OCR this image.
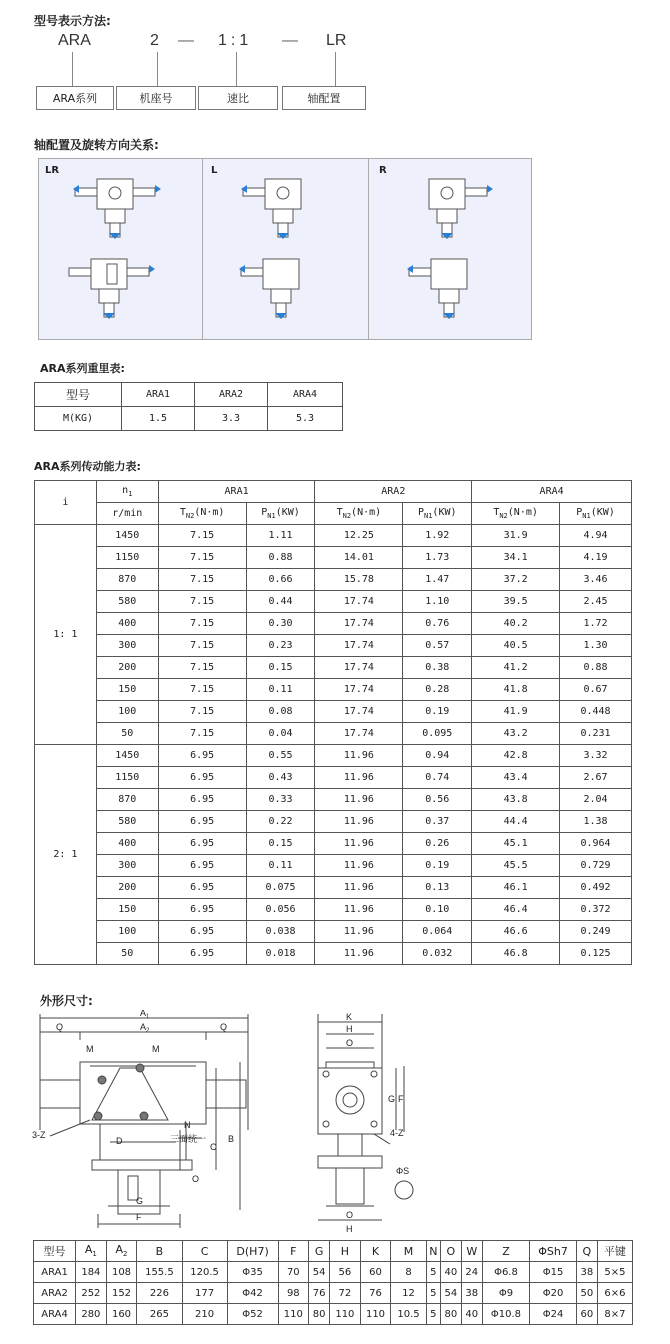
型号表示方法:
ARA	2 — 1:1 — LR
ARA系列	机座号	速比	轴配置
轴配置及旋转方向关系:
LR	L	R
ARA系列重里表:
型号	ARA1	ARA2	ARA4
M(KG)	1.5	3.3	5.3
ARA系列传动能力表:
i	$n_1$	ARA1		ARA2		ARA4	
	r/min	$T_{N2}(N\cdot m)$	$P_{N1}(KW)$	$T_{N2}(N\cdot m)$	$P_{N1}(KW)$	$T_{N2}(N\cdot m)$	$P_{N1}(KW)$
1: 1	1450	7.15	1.11	12.25	1.92	31.9	4.94
	1150	7.15	0.88	14.01	1.73	34.1	4.19
	870	7.15	0.66	15.78	1.47	37.2	3.46
	580	7.15	0.44	17.74	1.10	39.5	2.45
	400	7.15	0.30	17.74	0.76	40.2	1.72
	300	7.15	0.23	17.74	0.57	40.5	1.30
	200	7.15	0.15	17.74	0.38	41.2	0.88
	150	7.15	0.11	17.74	0.28	41.8	0.67
	100	7.15	0.08	17.74	0.19	41.9	0.448
	50	7.15	0.04	17.74	0.095	43.2	0.231
2: 1	1450	6.95	0.55	11.96	0.94	42.8	3.32
	1150	6.95	0.43	11.96	0.74	43.4	2.67
	870	6.95	0.33	11.96	0.56	43.8	2.04
	580	6.95	0.22	11.96	0.37	44.4	1.38
	400	6.95	0.15	11.96	0.26	45.1	0.964
	300	6.95	0.11	11.96	0.19	45.5	0.729
	200	6.95	0.075	11.96	0.13	46.1	0.492
	150	6.95	0.056	11.96	0.10	46.4	0.372
	100	6.95	0.038	11.96	0.064	46.6	0.249
	50	6.95	0.018	11.96	0.032	46.8	0.125
外形尺寸:
$A_1$
$A_2$
Q	Q
M	M
N
D
F
G
C
B
O
3-Z	三面统一
K
H
O
G F
4-Z
ΦS
O
H
型号	$A_1$	$A_2$	B	C	D(H7)	F	G	H	K	M	N	O	W	Z	ΦSh7	Q	平键
ARA1	184	108	155.5	120.5	Φ35	70	54	56	60	8	5	40	24	Φ6.8	Φ15	38	5×5
ARA2	252	152	226	177	Φ42	98	76	72	76	12	5	54	38	Φ9	Φ20	50	6×6
ARA4	280	160	265	210	Φ52	110	80	110	110	10.5	5	80	40	Φ10.8	Φ24	60	8×7
